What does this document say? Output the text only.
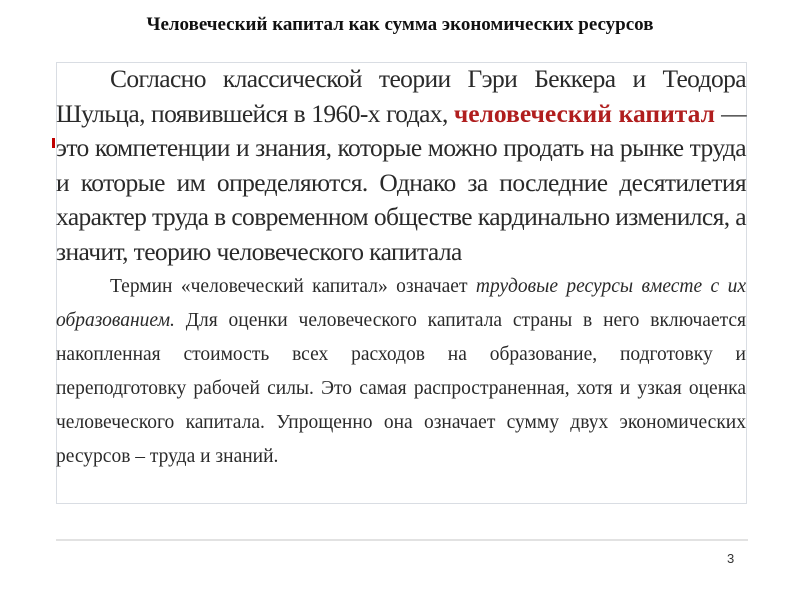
Человеческий капитал как сумма экономических ресурсов

Согласно классической теории Гэри Беккера и Теодора Шульца, появившейся в 1960-х годах, человеческий капитал — это компетенции и знания, которые можно продать на рынке труда и которые им определяются. Однако за последние десятилетия характер труда в современном обществе кардинально изменился, а значит, теорию человеческого капитала

Термин «человеческий капитал» означает трудовые ресурсы вместе с их образованием. Для оценки человеческого капитала страны в него включается накопленная стоимость всех расходов на образование, подготовку и переподготовку рабочей силы. Это самая распространенная, хотя и узкая оценка человеческого капитала. Упрощенно она означает сумму двух экономических ресурсов – труда и знаний.

3
